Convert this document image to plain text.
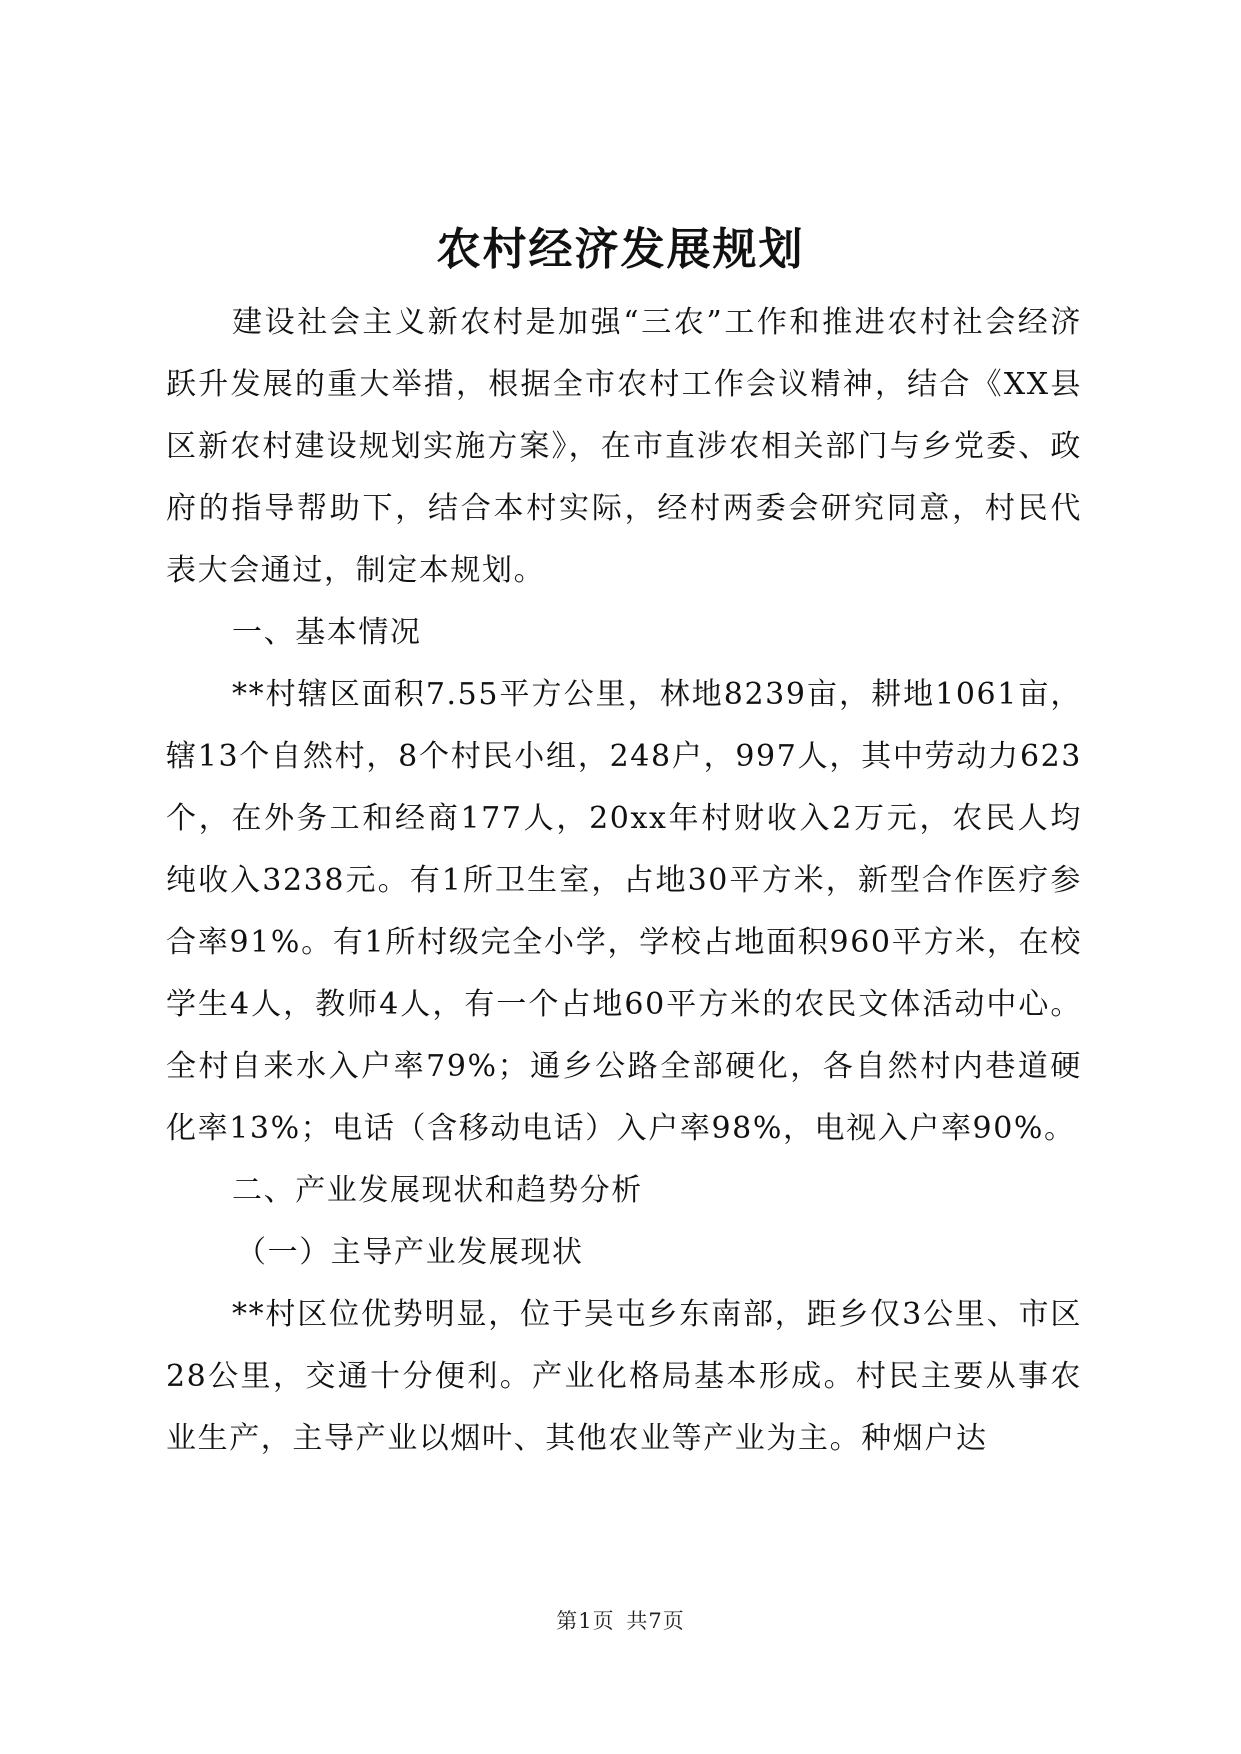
农村经济发展规划

建设社会主义新农村是加强“三农”工作和推进农村社会经济跃升发展的重大举措，根据全市农村工作会议精神，结合《XX县区新农村建设规划实施方案》，在市直涉农相关部门与乡党委、政府的指导帮助下，结合本村实际，经村两委会研究同意，村民代表大会通过，制定本规划。

一、基本情况

**村辖区面积7.55平方公里，林地8239亩，耕地1061亩，辖13个自然村，8个村民小组，248户，997人，其中劳动力623个，在外务工和经商177人，20xx年村财收入2万元，农民人均纯收入3238元。有1所卫生室，占地30平方米，新型合作医疗参合率91%。有1所村级完全小学，学校占地面积960平方米，在校学生4人，教师4人，有一个占地60平方米的农民文体活动中心。全村自来水入户率79%；通乡公路全部硬化，各自然村内巷道硬化率13%；电话（含移动电话）入户率98%，电视入户率90%。

二、产业发展现状和趋势分析

（一）主导产业发展现状

**村区位优势明显，位于吴屯乡东南部，距乡仅3公里、市区28公里，交通十分便利。产业化格局基本形成。村民主要从事农业生产，主导产业以烟叶、其他农业等产业为主。种烟户达

第1页 共7页
